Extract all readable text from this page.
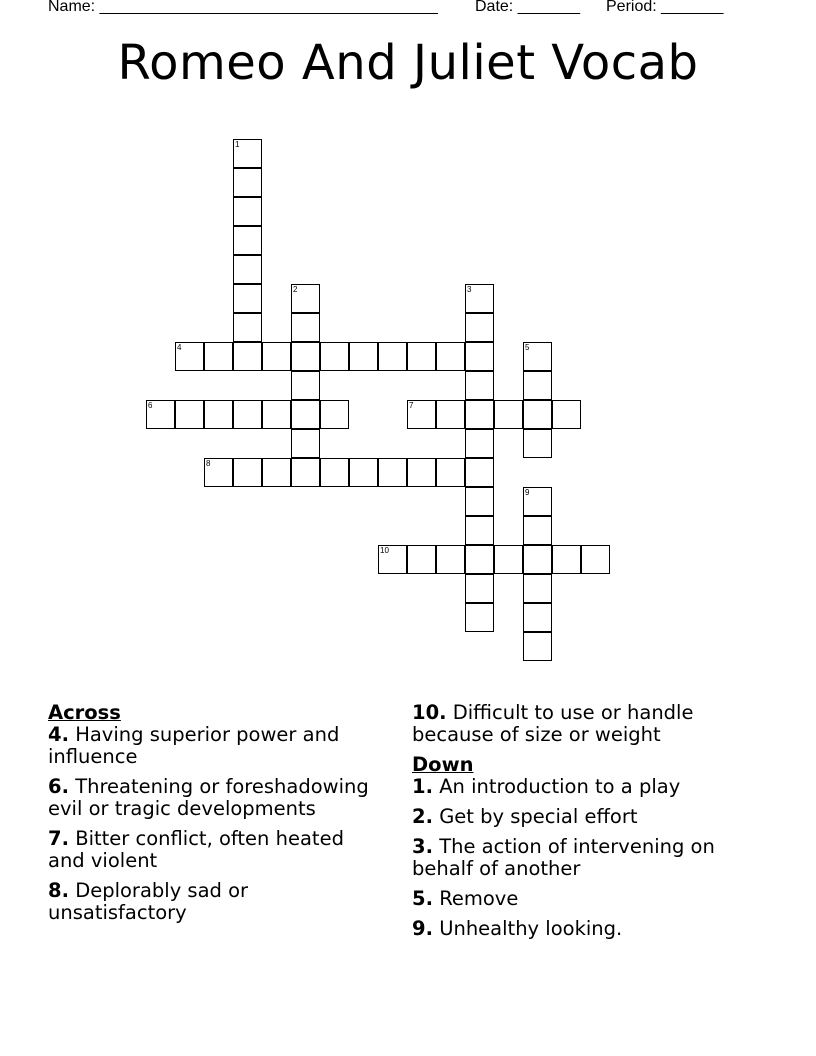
Name: ______________________________________ Date: _______ Period: _______
Romeo And Juliet Vocab
1
2	3
4	5
6	7
8
9
10
Across
4. Having superior power and influence
6. Threatening or foreshadowing evil or tragic developments
7. Bitter conflict, often heated and violent
8. Deplorably sad or unsatisfactory
10. Difficult to use or handle because of size or weight
Down
1. An introduction to a play
2. Get by special effort
3. The action of intervening on behalf of another
5. Remove
9. Unhealthy looking.
